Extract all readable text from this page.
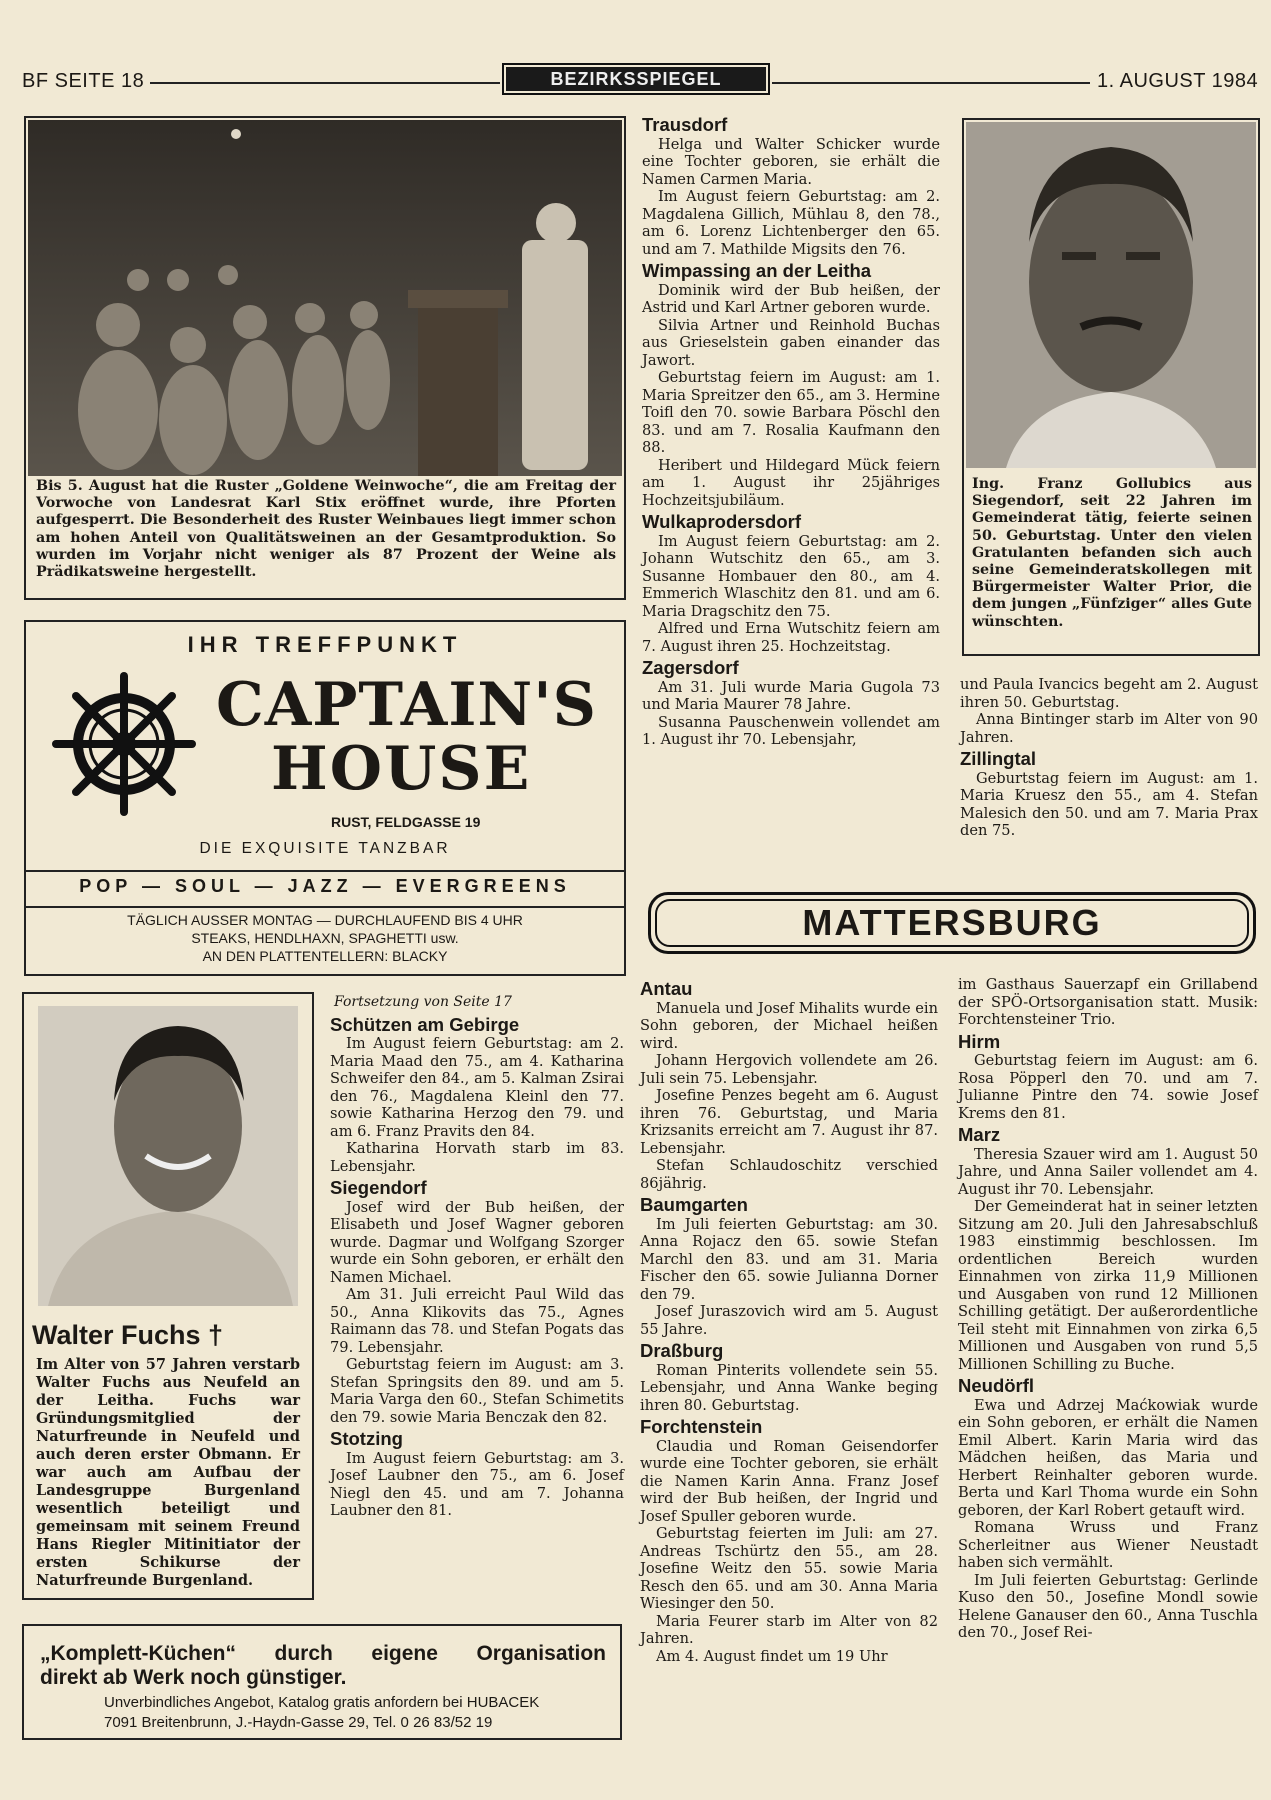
BF SEITE 18	BEZIRKSSPIEGEL	1. AUGUST 1984
Bis 5. August hat die Ruster „Goldene Weinwoche“, die am Freitag der Vorwoche von Landesrat Karl Stix eröffnet wurde, ihre Pforten aufgesperrt. Die Besonderheit des Ruster Weinbaues liegt immer schon am hohen Anteil von Qualitätsweinen an der Gesamtproduktion. So wurden im Vorjahr nicht weniger als 87 Prozent der Weine als Prädikatsweine hergestellt.
IHR TREFFPUNKT
CAPTAIN'S
HOUSE
RUST, FELDGASSE 19
DIE EXQUISITE TANZBAR
POP — SOUL — JAZZ — EVERGREENS
TÄGLICH AUSSER MONTAG — DURCHLAUFEND BIS 4 UHR
STEAKS, HENDLHAXN, SPAGHETTI usw.
AN DEN PLATTENTELLERN: BLACKY
Trausdorf

Helga und Walter Schicker wurde eine Tochter geboren, sie erhält die Namen Carmen Maria.

Im August feiern Geburtstag: am 2. Magdalena Gillich, Mühlau 8, den 78., am 6. Lorenz Lichtenberger den 65. und am 7. Mathilde Migsits den 76.

Wimpassing an der Leitha

Dominik wird der Bub heißen, der Astrid und Karl Artner geboren wurde.

Silvia Artner und Reinhold Buchas aus Grieselstein gaben einander das Jawort.

Geburtstag feiern im August: am 1. Maria Spreitzer den 65., am 3. Hermine Toifl den 70. sowie Barbara Pöschl den 83. und am 7. Rosalia Kaufmann den 88.

Heribert und Hildegard Mück feiern am 1. August ihr 25jähriges Hochzeitsjubiläum.

Wulkaprodersdorf

Im August feiern Geburtstag: am 2. Johann Wutschitz den 65., am 3. Susanne Hombauer den 80., am 4. Emmerich Wlaschitz den 81. und am 6. Maria Dragschitz den 75.

Alfred und Erna Wutschitz feiern am 7. August ihren 25. Hochzeitstag.

Zagersdorf

Am 31. Juli wurde Maria Gugola 73 und Maria Maurer 78 Jahre.

Susanna Pauschenwein vollendet am 1. August ihr 70. Lebensjahr,

Ing. Franz Gollubics aus Siegendorf, seit 22 Jahren im Gemeinderat tätig, feierte seinen 50. Geburtstag. Unter den vielen Gratulanten befanden sich auch seine Gemeinderatskollegen mit Bürgermeister Walter Prior, die dem jungen „Fünfziger“ alles Gute wünschten.

und Paula Ivancics begeht am 2. August ihren 50. Geburtstag.

Anna Bintinger starb im Alter von 90 Jahren.

Zillingtal

Geburtstag feiern im August: am 1. Maria Kruesz den 55., am 4. Stefan Malesich den 50. und am 7. Maria Prax den 75.

MATTERSBURG
Walter Fuchs †
Im Alter von 57 Jahren verstarb Walter Fuchs aus Neufeld an der Leitha. Fuchs war Gründungsmitglied der Naturfreunde in Neufeld und auch deren erster Obmann. Er war auch am Aufbau der Landesgruppe Burgenland wesentlich beteiligt und gemeinsam mit seinem Freund Hans Riegler Mitinitiator der ersten Schikurse der Naturfreunde Burgenland.
Fortsetzung von Seite 17
Schützen am Gebirge

Im August feiern Geburtstag: am 2. Maria Maad den 75., am 4. Katharina Schweifer den 84., am 5. Kalman Zsirai den 76., Magdalena Kleinl den 77. sowie Katharina Herzog den 79. und am 6. Franz Pravits den 84.

Katharina Horvath starb im 83. Lebensjahr.

Siegendorf

Josef wird der Bub heißen, der Elisabeth und Josef Wagner geboren wurde. Dagmar und Wolfgang Szorger wurde ein Sohn geboren, er erhält den Namen Michael.

Am 31. Juli erreicht Paul Wild das 50., Anna Klikovits das 75., Agnes Raimann das 78. und Stefan Pogats das 79. Lebensjahr.

Geburtstag feiern im August: am 3. Stefan Springsits den 89. und am 5. Maria Varga den 60., Stefan Schimetits den 79. sowie Maria Benczak den 82.

Stotzing

Im August feiern Geburtstag: am 3. Josef Laubner den 75., am 6. Josef Niegl den 45. und am 7. Johanna Laubner den 81.

„Komplett-Küchen“ durch eigene Organisation
direkt ab Werk noch günstiger.
Unverbindliches Angebot, Katalog gratis anfordern bei HUBACEK
7091 Breitenbrunn, J.-Haydn-Gasse 29, Tel. 0 26 83/52 19
Antau

Manuela und Josef Mihalits wurde ein Sohn geboren, der Michael heißen wird.

Johann Hergovich vollendete am 26. Juli sein 75. Lebensjahr.

Josefine Penzes begeht am 6. August ihren 76. Geburtstag, und Maria Krizsanits erreicht am 7. August ihr 87. Lebensjahr.

Stefan Schlaudoschitz verschied 86jährig.

Baumgarten

Im Juli feierten Geburtstag: am 30. Anna Rojacz den 65. sowie Stefan Marchl den 83. und am 31. Maria Fischer den 65. sowie Julianna Dorner den 79.

Josef Juraszovich wird am 5. August 55 Jahre.

Draßburg

Roman Pinterits vollendete sein 55. Lebensjahr, und Anna Wanke beging ihren 80. Geburtstag.

Forchtenstein

Claudia und Roman Geisendorfer wurde eine Tochter geboren, sie erhält die Namen Karin Anna. Franz Josef wird der Bub heißen, der Ingrid und Josef Spuller geboren wurde.

Geburtstag feierten im Juli: am 27. Andreas Tschürtz den 55., am 28. Josefine Weitz den 55. sowie Maria Resch den 65. und am 30. Anna Maria Wiesinger den 50.

Maria Feurer starb im Alter von 82 Jahren.

Am 4. August findet um 19 Uhr

im Gasthaus Sauerzapf ein Grillabend der SPÖ-Ortsorganisation statt. Musik: Forchtensteiner Trio.

Hirm

Geburtstag feiern im August: am 6. Rosa Pöpperl den 70. und am 7. Julianne Pintre den 74. sowie Josef Krems den 81.

Marz

Theresia Szauer wird am 1. August 50 Jahre, und Anna Sailer vollendet am 4. August ihr 70. Lebensjahr.

Der Gemeinderat hat in seiner letzten Sitzung am 20. Juli den Jahresabschluß 1983 einstimmig beschlossen. Im ordentlichen Bereich wurden Einnahmen von zirka 11,9 Millionen und Ausgaben von rund 12 Millionen Schilling getätigt. Der außerordentliche Teil steht mit Einnahmen von zirka 6,5 Millionen und Ausgaben von rund 5,5 Millionen Schilling zu Buche.

Neudörfl

Ewa und Adrzej Maćkowiak wurde ein Sohn geboren, er erhält die Namen Emil Albert. Karin Maria wird das Mädchen heißen, das Maria und Herbert Reinhalter geboren wurde. Berta und Karl Thoma wurde ein Sohn geboren, der Karl Robert getauft wird.

Romana Wruss und Franz Scherleitner aus Wiener Neustadt haben sich vermählt.

Im Juli feierten Geburtstag: Gerlinde Kuso den 50., Josefine Mondl sowie Helene Ganauser den 60., Anna Tuschla den 70., Josef Rei-
